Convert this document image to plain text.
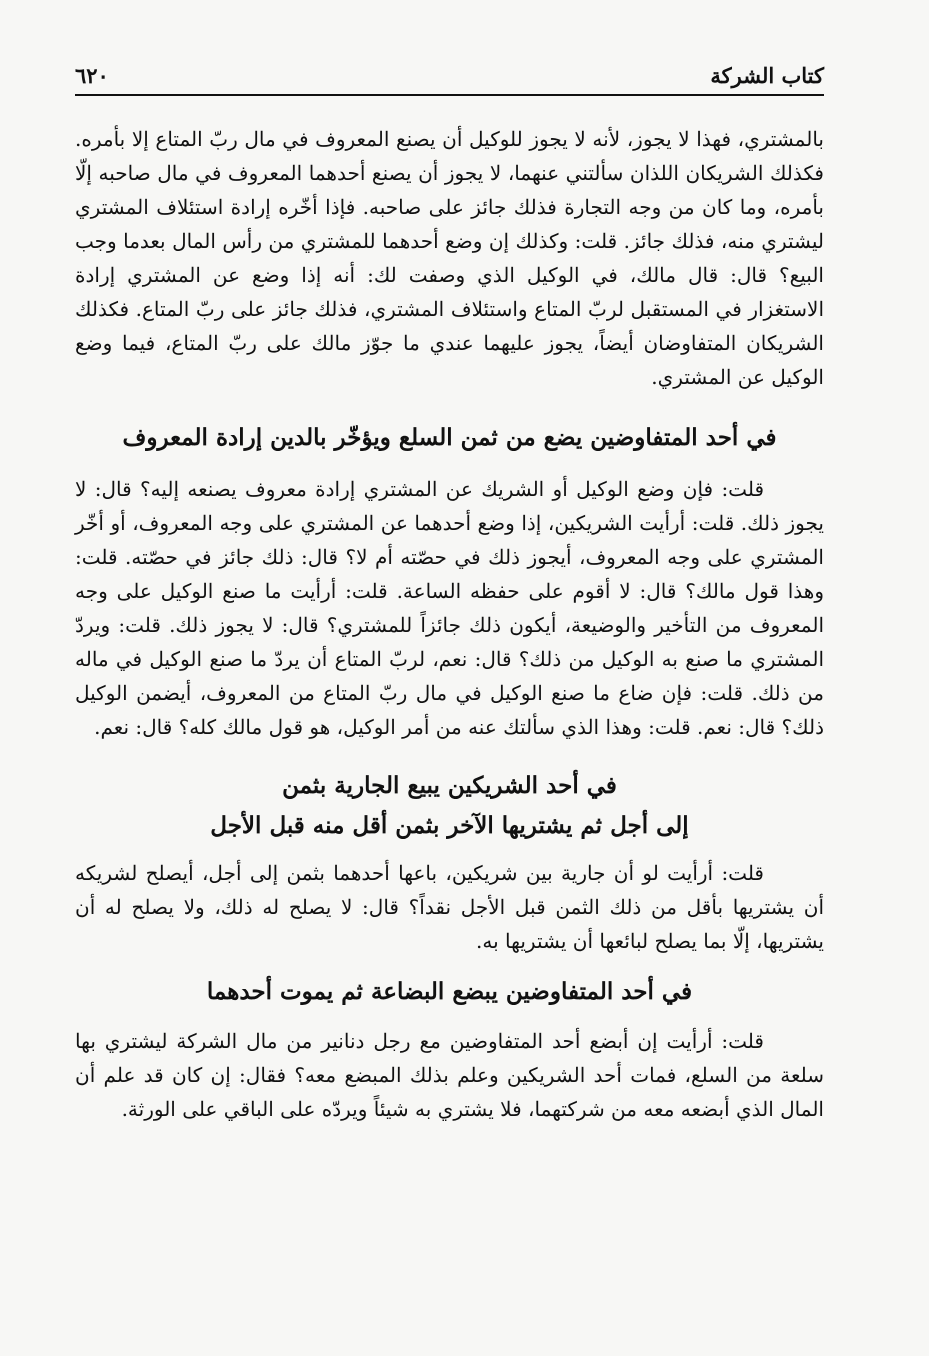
كتاب الشركة
٦٢٠

بالمشتري، فهذا لا يجوز، لأنه لا يجوز للوكيل أن يصنع المعروف في مال ربّ المتاع إلا بأمره. فكذلك الشريكان اللذان سألتني عنهما، لا يجوز أن يصنع أحدهما المعروف في مال صاحبه إلّا بأمره، وما كان من وجه التجارة فذلك جائز على صاحبه. فإذا أخّره إرادة استئلاف المشتري ليشتري منه، فذلك جائز. قلت: وكذلك إن وضع أحدهما للمشتري من رأس المال بعدما وجب البيع؟ قال: قال مالك، في الوكيل الذي وصفت لك: أنه إذا وضع عن المشتري إرادة الاستغزار في المستقبل لربّ المتاع واستئلاف المشتري، فذلك جائز على ربّ المتاع. فكذلك الشريكان المتفاوضان أيضاً، يجوز عليهما عندي ما جوّز مالك على ربّ المتاع، فيما وضع الوكيل عن المشتري.

في أحد المتفاوضين يضع من ثمن السلع ويؤخّر بالدين إرادة المعروف

قلت: فإن وضع الوكيل أو الشريك عن المشتري إرادة معروف يصنعه إليه؟ قال: لا يجوز ذلك. قلت: أرأيت الشريكين، إذا وضع أحدهما عن المشتري على وجه المعروف، أو أخّر المشتري على وجه المعروف، أيجوز ذلك في حصّته أم لا؟ قال: ذلك جائز في حصّته. قلت: وهذا قول مالك؟ قال: لا أقوم على حفظه الساعة. قلت: أرأيت ما صنع الوكيل على وجه المعروف من التأخير والوضيعة، أيكون ذلك جائزاً للمشتري؟ قال: لا يجوز ذلك. قلت: ويردّ المشتري ما صنع به الوكيل من ذلك؟ قال: نعم، لربّ المتاع أن يردّ ما صنع الوكيل في ماله من ذلك. قلت: فإن ضاع ما صنع الوكيل في مال ربّ المتاع من المعروف، أيضمن الوكيل ذلك؟ قال: نعم. قلت: وهذا الذي سألتك عنه من أمر الوكيل، هو قول مالك كله؟ قال: نعم.

في أحد الشريكين يبيع الجارية بثمن
إلى أجل ثم يشتريها الآخر بثمن أقل منه قبل الأجل

قلت: أرأيت لو أن جارية بين شريكين، باعها أحدهما بثمن إلى أجل، أيصلح لشريكه أن يشتريها بأقل من ذلك الثمن قبل الأجل نقداً؟ قال: لا يصلح له ذلك، ولا يصلح له أن يشتريها، إلّا بما يصلح لبائعها أن يشتريها به.

في أحد المتفاوضين يبضع البضاعة ثم يموت أحدهما

قلت: أرأيت إن أبضع أحد المتفاوضين مع رجل دنانير من مال الشركة ليشتري بها سلعة من السلع، فمات أحد الشريكين وعلم بذلك المبضع معه؟ فقال: إن كان قد علم أن المال الذي أبضعه معه من شركتهما، فلا يشتري به شيئاً ويردّه على الباقي على الورثة.
